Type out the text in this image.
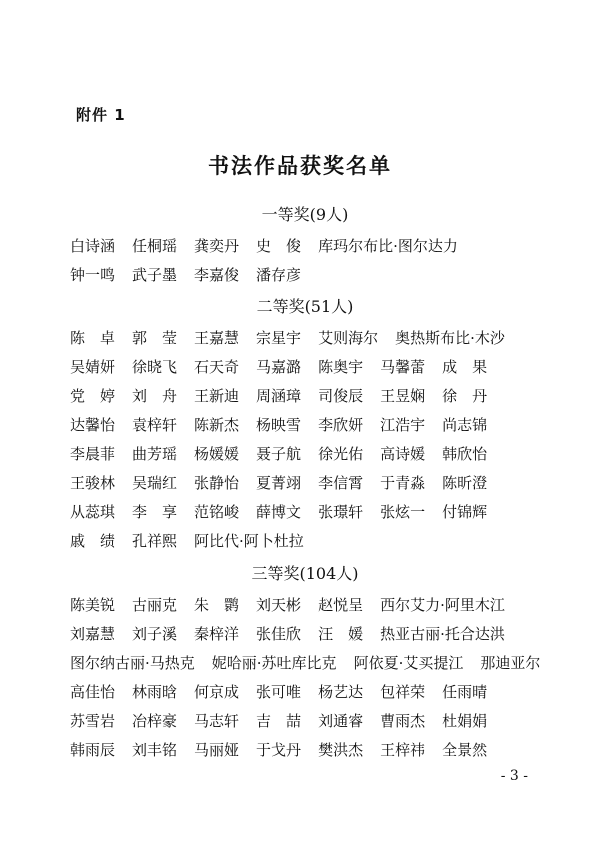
附件 1
书法作品获奖名单
一等奖(9人)
白诗涵 任桐瑶 龚奕丹 史　俊 库玛尔布比·图尔达力
钟一鸣 武子墨 李嘉俊 潘存彦
二等奖(51人)
陈　卓 郭　莹 王嘉慧 宗星宇 艾则海尔 奥热斯布比·木沙
吴婧妍 徐晓飞 石天奇 马嘉潞 陈奥宇 马馨蕾 成　果
党　婷 刘　舟 王新迪 周涵璋 司俊辰 王昱娴 徐　丹
达馨怡 袁梓轩 陈新杰 杨映雪 李欣妍 江浩宇 尚志锦
李晨菲 曲芳瑶 杨媛媛 聂子航 徐光佑 高诗媛 韩欣怡
王骏林 吴瑞红 张静怡 夏菁翊 李信霄 于青淼 陈昕澄
从蕊琪 李　享 范铭峻 薛博文 张璟轩 张炫一 付锦辉
戚　绩 孔祥熙 阿比代·阿卜杜拉
三等奖(104人)
陈美锐 古丽克 朱　鹮 刘天彬 赵悦呈 西尔艾力·阿里木江
刘嘉慧 刘子溪 秦梓洋 张佳欣 汪　媛 热亚古丽·托合达洪
图尔纳古丽·马热克 妮哈丽·苏吐库比克 阿依夏·艾买提江 那迪亚尔
高佳怡 林雨晗 何京成 张可唯 杨艺达 包祥荣 任雨晴
苏雪岩 冶梓豪 马志轩 吉　喆 刘通睿 曹雨杰 杜娟娟
韩雨辰 刘丰铭 马丽娅 于戈丹 樊洪杰 王梓祎 全景然
- 3 -
